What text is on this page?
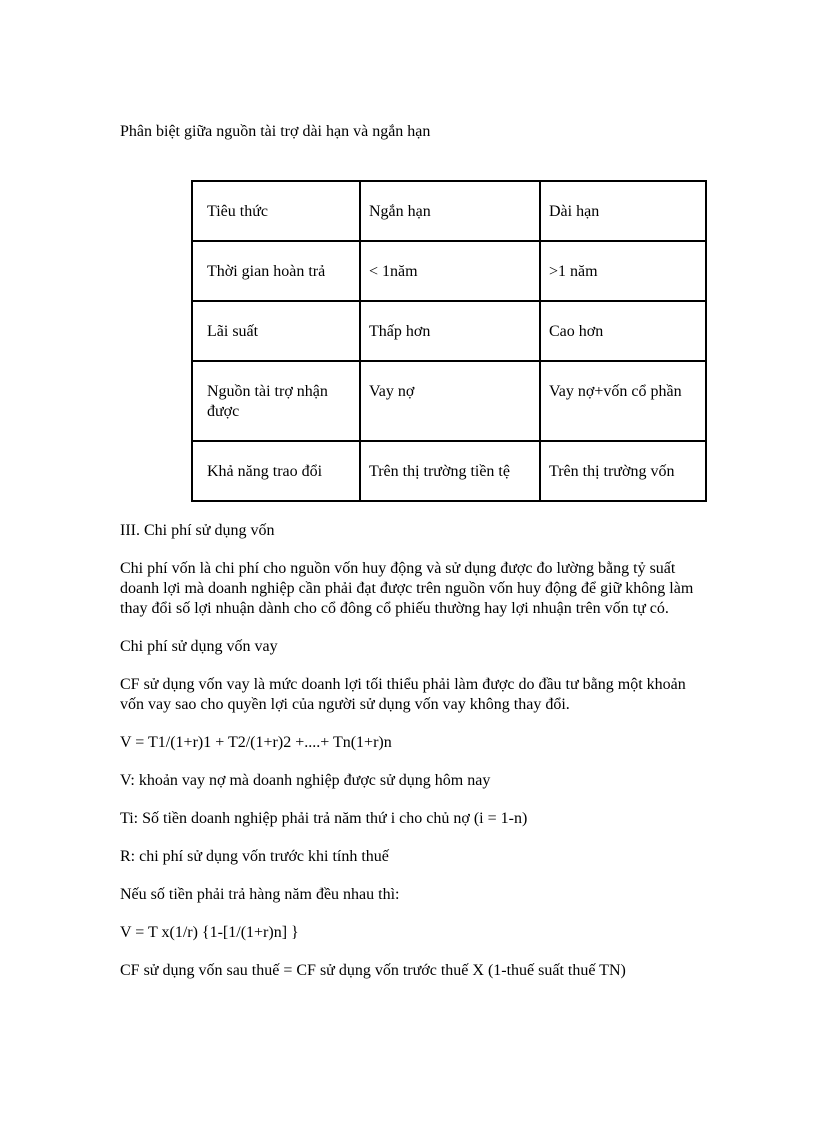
Phân biệt giữa nguồn tài trợ dài hạn và ngắn hạn
Tiêu thức	Ngắn hạn	Dài hạn
Thời gian hoàn trả	< 1năm	>1 năm
Lãi suất	Thấp hơn	Cao hơn
Nguồn tài trợ nhận được	Vay nợ	Vay nợ+vốn cổ phần
Khả năng trao đổi	Trên thị trường tiền tệ	Trên thị trường vốn

III. Chi phí sử dụng vốn

Chi phí vốn là chi phí cho nguồn vốn huy động và sử dụng được đo lường bằng tỷ suất doanh lợi mà doanh nghiệp cần phải đạt được trên nguồn vốn huy động để giữ không làm thay đổi số lợi nhuận dành cho cổ đông cổ phiếu thường hay lợi nhuận trên vốn tự có.

Chi phí sử dụng vốn vay

CF sử dụng vốn vay là mức doanh lợi tối thiểu phải làm được do đầu tư bằng một khoản vốn vay sao cho quyền lợi của người sử dụng vốn vay không thay đổi.

V = T1/(1+r)1 + T2/(1+r)2 +....+ Tn(1+r)n

V: khoản vay nợ mà doanh nghiệp được sử dụng hôm nay

Ti: Số tiền doanh nghiệp phải trả năm thứ i cho chủ nợ (i = 1-n)

R: chi phí sử dụng vốn trước khi tính thuế

Nếu số tiền phải trả hàng năm đều nhau thì:

V = T x(1/r) {1-[1/(1+r)n] }

CF sử dụng vốn sau thuế = CF sử dụng vốn trước thuế X (1-thuế suất thuế TN)
